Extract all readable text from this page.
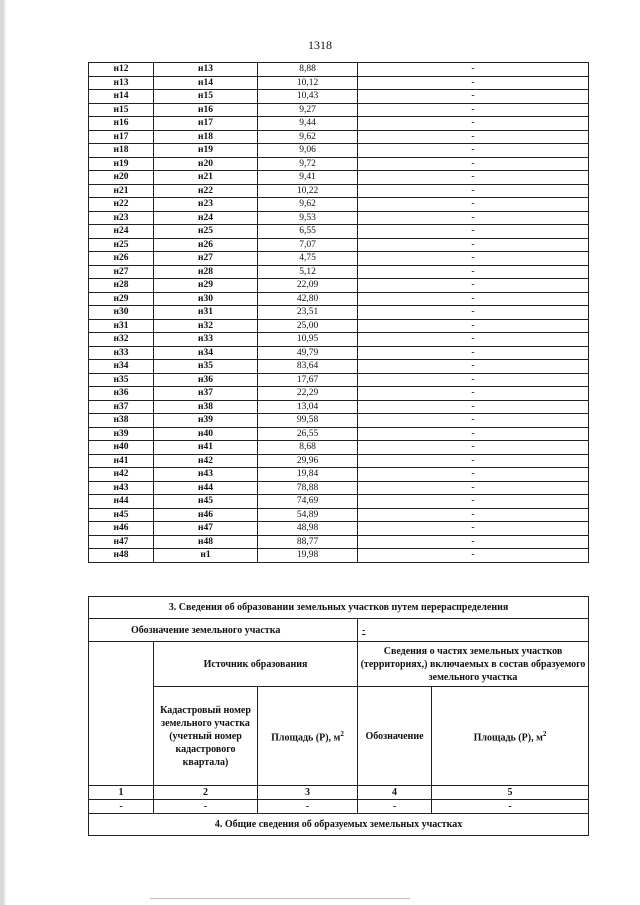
1318
н12	н13	8,88	-
н13	н14	10,12	-
н14	н15	10,43	-
н15	н16	9,27	-
н16	н17	9,44	-
н17	н18	9,62	-
н18	н19	9,06	-
н19	н20	9,72	-
н20	н21	9,41	-
н21	н22	10,22	-
н22	н23	9,62	-
н23	н24	9,53	-
н24	н25	6,55	-
н25	н26	7,07	-
н26	н27	4,75	-
н27	н28	5,12	-
н28	н29	22,09	-
н29	н30	42,80	-
н30	н31	23,51	-
н31	н32	25,00	-
н32	н33	10,95	-
н33	н34	49,79	-
н34	н35	83,64	-
н35	н36	17,67	-
н36	н37	22,29	-
н37	н38	13,04	-
н38	н39	99,58	-
н39	н40	26,55	-
н40	н41	8,68	-
н41	н42	29,96	-
н42	н43	19,84	-
н43	н44	78,88	-
н44	н45	74,69	-
н45	н46	54,89	-
н46	н47	48,98	-
н47	н48	88,77	-
н48	н1	19,98	-
3. Сведения об образовании земельных участков путем перераспределения				
Обозначение земельного участка			-	
	Источник образования		Сведения о частях земельных участков (территориях,) включаемых в состав образуемого земельного участка	
	Кадастровый номер земельного участка (учетный номер кадастрового квартала)	Площадь (Р), $м^2$	Обозначение	Площадь (Р), $м^2$
1	2	3	4	5
-	-	-	-	-
4. Общие сведения об образуемых земельных участках				
